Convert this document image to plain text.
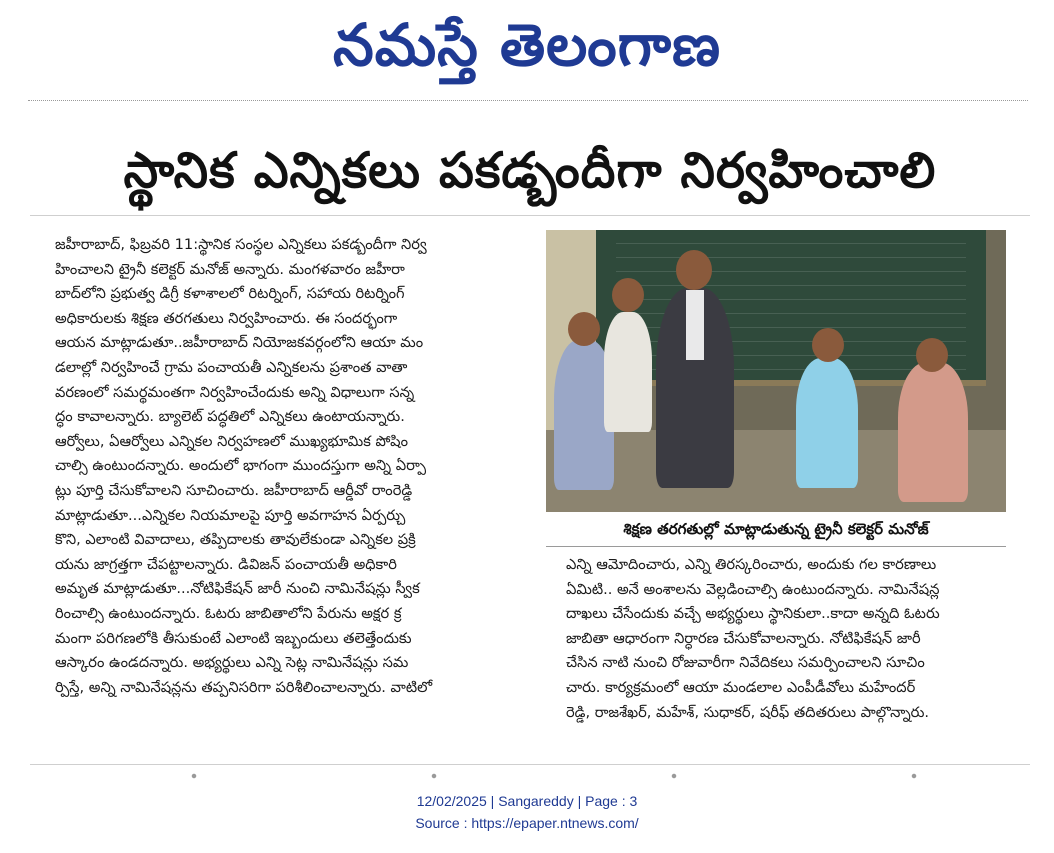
నమస్తే తెలంగాణ
స్థానిక ఎన్నికలు పకడ్బందీగా నిర్వహించాలి
జహీరాబాద్, ఫిబ్రవరి 11:స్థానిక సంస్థల ఎన్నికలు పకడ్బందీగా నిర్వ
హించాలని ట్రైనీ కలెక్టర్ మనోజ్ అన్నారు. మంగళవారం జహీరా
బాద్‌లోని ప్రభుత్వ డిగ్రీ కళాశాలలో రిటర్నింగ్, సహాయ రిటర్నింగ్
అధికారులకు శిక్షణ తరగతులు నిర్వహించారు. ఈ సందర్భంగా
ఆయన మాట్లాడుతూ..జహీరాబాద్ నియోజకవర్గంలోని ఆయా మం
డలాల్లో నిర్వహించే గ్రామ పంచాయతీ ఎన్నికలను ప్రశాంత వాతా
వరణంలో సమర్థమంతగా నిర్వహించేందుకు అన్ని విధాలుగా సన్న
ద్ధం కావాలన్నారు. బ్యాలెట్ పద్ధతిలో ఎన్నికలు ఉంటాయన్నారు.
ఆర్వోలు, ఏఆర్వోలు ఎన్నికల నిర్వహణలో ముఖ్యభూమిక పోషిం
చాల్సి ఉంటుందన్నారు. అందులో భాగంగా ముందస్తుగా అన్ని ఏర్పా
ట్లు పూర్తి చేసుకోవాలని సూచించారు. జహీరాబాద్ ఆర్డీవో రాంరెడ్డి
మాట్లాడుతూ...ఎన్నికల నియమాలపై పూర్తి అవగాహన ఏర్పర్చు
కొని, ఎలాంటి వివాదాలు, తప్పిదాలకు తావులేకుండా ఎన్నికల ప్రక్రి
యను జాగ్రత్తగా చేపట్టాలన్నారు. డివిజన్ పంచాయతీ అధికారి
అమృత మాట్లాడుతూ...నోటిఫికేషన్ జారీ నుంచి నామినేషన్లు స్వీక
రించాల్సి ఉంటుందన్నారు. ఓటరు జాబితాలోని పేరును అక్షర క్ర
మంగా పరిగణలోకి తీసుకుంటే ఎలాంటి ఇబ్బందులు తలెత్తేందుకు
ఆస్కారం ఉండదన్నారు. అభ్యర్థులు ఎన్ని సెట్ల నామినేషన్లు సమ
ర్పిస్తే, అన్ని నామినేషన్లను తప్పనిసరిగా పరిశీలించాలన్నారు. వాటిలో
శిక్షణ తరగతుల్లో మాట్లాడుతున్న ట్రైనీ కలెక్టర్ మనోజ్
ఎన్ని ఆమోదించారు, ఎన్ని తిరస్కరించారు, అందుకు గల కారణాలు
ఏమిటి.. అనే అంశాలను వెల్లడించాల్సి ఉంటుందన్నారు. నామినేషన్ల
దాఖలు చేసేందుకు వచ్చే అభ్యర్థులు స్థానికులా..కాదా అన్నది ఓటరు
జాబితా ఆధారంగా నిర్ధారణ చేసుకోవాలన్నారు. నోటిఫికేషన్ జారీ
చేసిన నాటి నుంచి రోజువారీగా నివేదికలు సమర్పించాలని సూచిం
చారు. కార్యక్రమంలో ఆయా మండలాల ఎంపీడీవోలు మహేందర్
రెడ్డి, రాజశేఖర్, మహేశ్, సుధాకర్, షరీఫ్ తదితరులు పాల్గొన్నారు.
12/02/2025 | Sangareddy | Page : 3
Source : https://epaper.ntnews.com/
